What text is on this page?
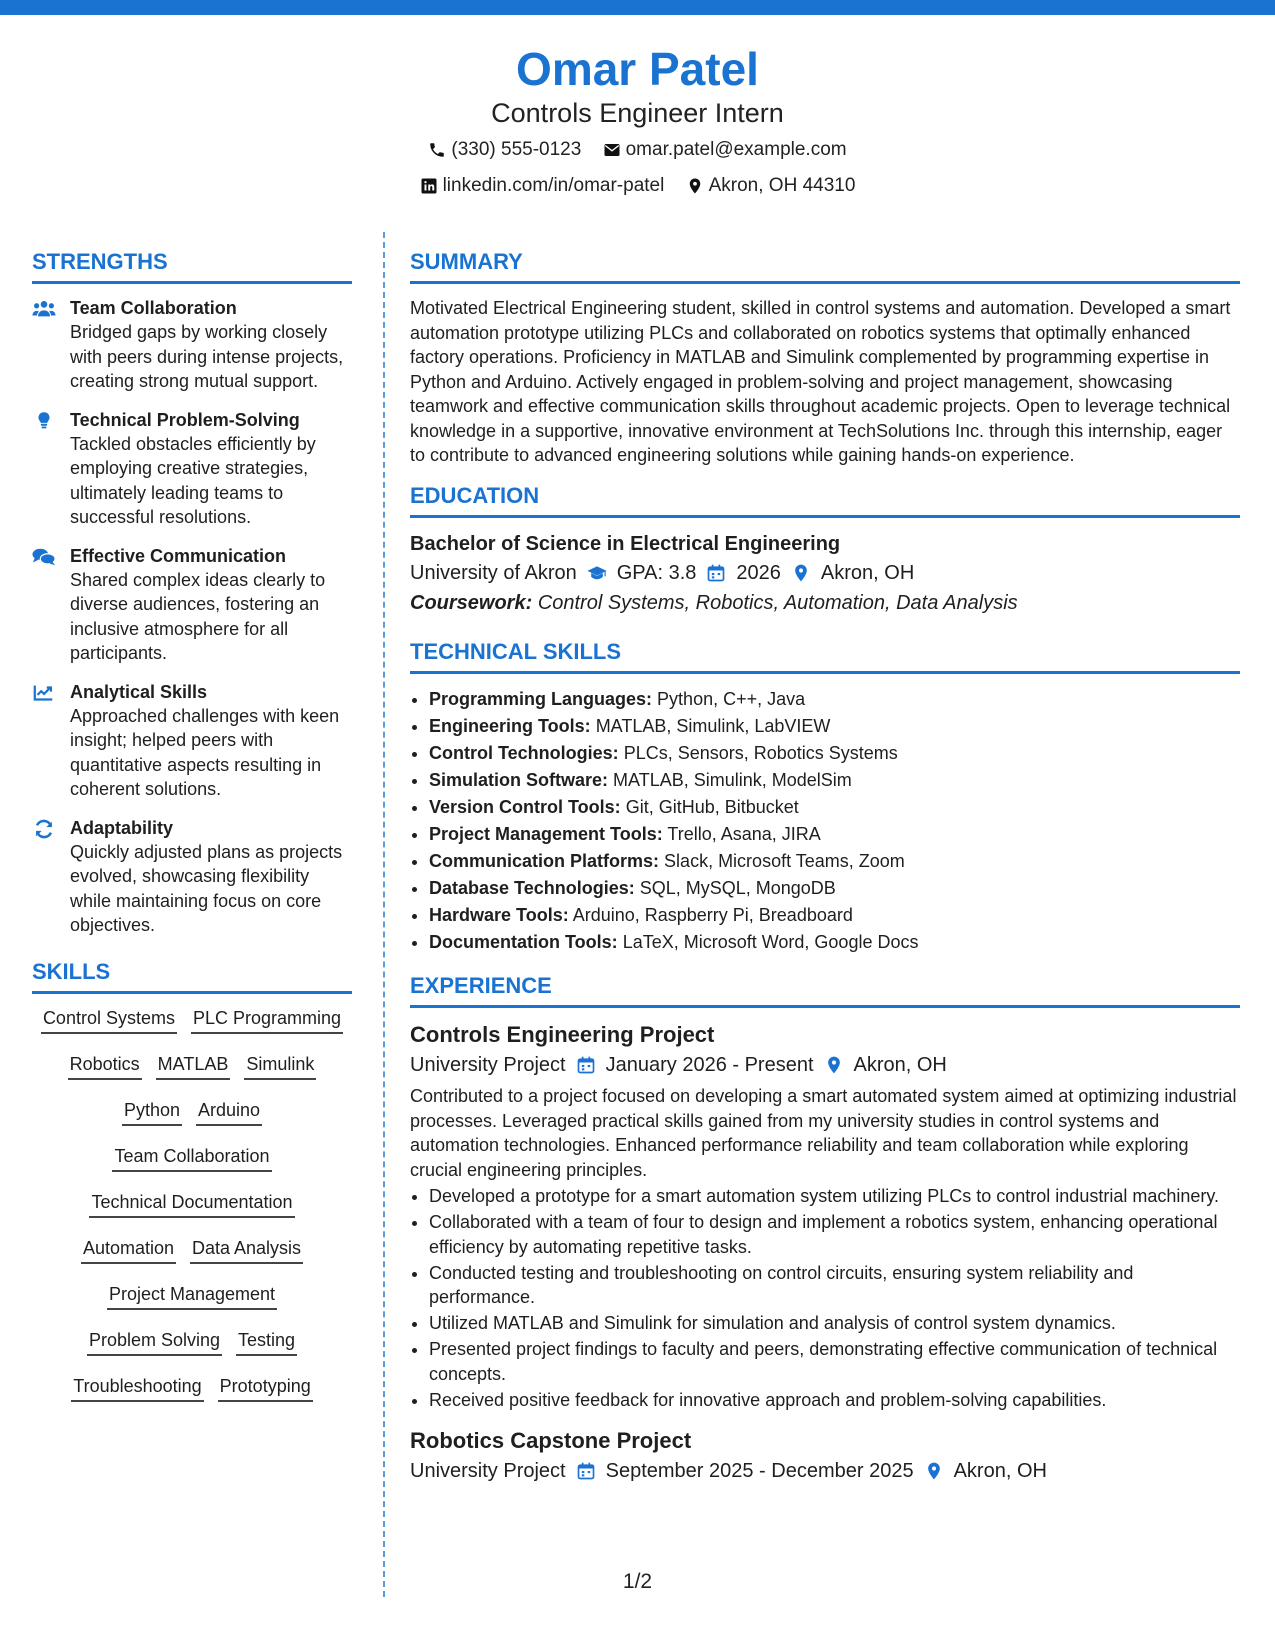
Omar Patel
Controls Engineer Intern
(330) 555-0123
omar.patel@example.com
linkedin.com/in/omar-patel
Akron, OH 44310
STRENGTHS
Team Collaboration
Bridged gaps by working closely with peers during intense projects, creating strong mutual support.
Technical Problem-Solving
Tackled obstacles efficiently by employing creative strategies, ultimately leading teams to successful resolutions.
Effective Communication
Shared complex ideas clearly to diverse audiences, fostering an inclusive atmosphere for all participants.
Analytical Skills
Approached challenges with keen insight; helped peers with quantitative aspects resulting in coherent solutions.
Adaptability
Quickly adjusted plans as projects evolved, showcasing flexibility while maintaining focus on core objectives.
SKILLS
Control Systems PLC Programming
Robotics MATLAB Simulink
Python Arduino
Team Collaboration
Technical Documentation
Automation Data Analysis
Project Management
Problem Solving Testing
Troubleshooting Prototyping
SUMMARY

Motivated Electrical Engineering student, skilled in control systems and automation. Developed a smart automation prototype utilizing PLCs and collaborated on robotics systems that optimally enhanced factory operations. Proficiency in MATLAB and Simulink complemented by programming expertise in Python and Arduino. Actively engaged in problem-solving and project management, showcasing teamwork and effective communication skills throughout academic projects. Open to leverage technical knowledge in a supportive, innovative environment at TechSolutions Inc. through this internship, eager to contribute to advanced engineering solutions while gaining hands-on experience.

EDUCATION
Bachelor of Science in Electrical Engineering
University of Akron GPA: 3.8 2026 Akron, OH
Coursework: Control Systems, Robotics, Automation, Data Analysis
TECHNICAL SKILLS
• Programming Languages: Python, C++, Java
• Engineering Tools: MATLAB, Simulink, LabVIEW
• Control Technologies: PLCs, Sensors, Robotics Systems
• Simulation Software: MATLAB, Simulink, ModelSim
• Version Control Tools: Git, GitHub, Bitbucket
• Project Management Tools: Trello, Asana, JIRA
• Communication Platforms: Slack, Microsoft Teams, Zoom
• Database Technologies: SQL, MySQL, MongoDB
• Hardware Tools: Arduino, Raspberry Pi, Breadboard
• Documentation Tools: LaTeX, Microsoft Word, Google Docs
EXPERIENCE
Controls Engineering Project
University Project January 2026 - Present Akron, OH

Contributed to a project focused on developing a smart automated system aimed at optimizing industrial processes. Leveraged practical skills gained from my university studies in control systems and automation technologies. Enhanced performance reliability and team collaboration while exploring crucial engineering principles.

• Developed a prototype for a smart automation system utilizing PLCs to control industrial machinery.
• Collaborated with a team of four to design and implement a robotics system, enhancing operational efficiency by automating repetitive tasks.
• Conducted testing and troubleshooting on control circuits, ensuring system reliability and performance.
• Utilized MATLAB and Simulink for simulation and analysis of control system dynamics.
• Presented project findings to faculty and peers, demonstrating effective communication of technical concepts.
• Received positive feedback for innovative approach and problem-solving capabilities.
Robotics Capstone Project
University Project September 2025 - December 2025 Akron, OH
1/2
